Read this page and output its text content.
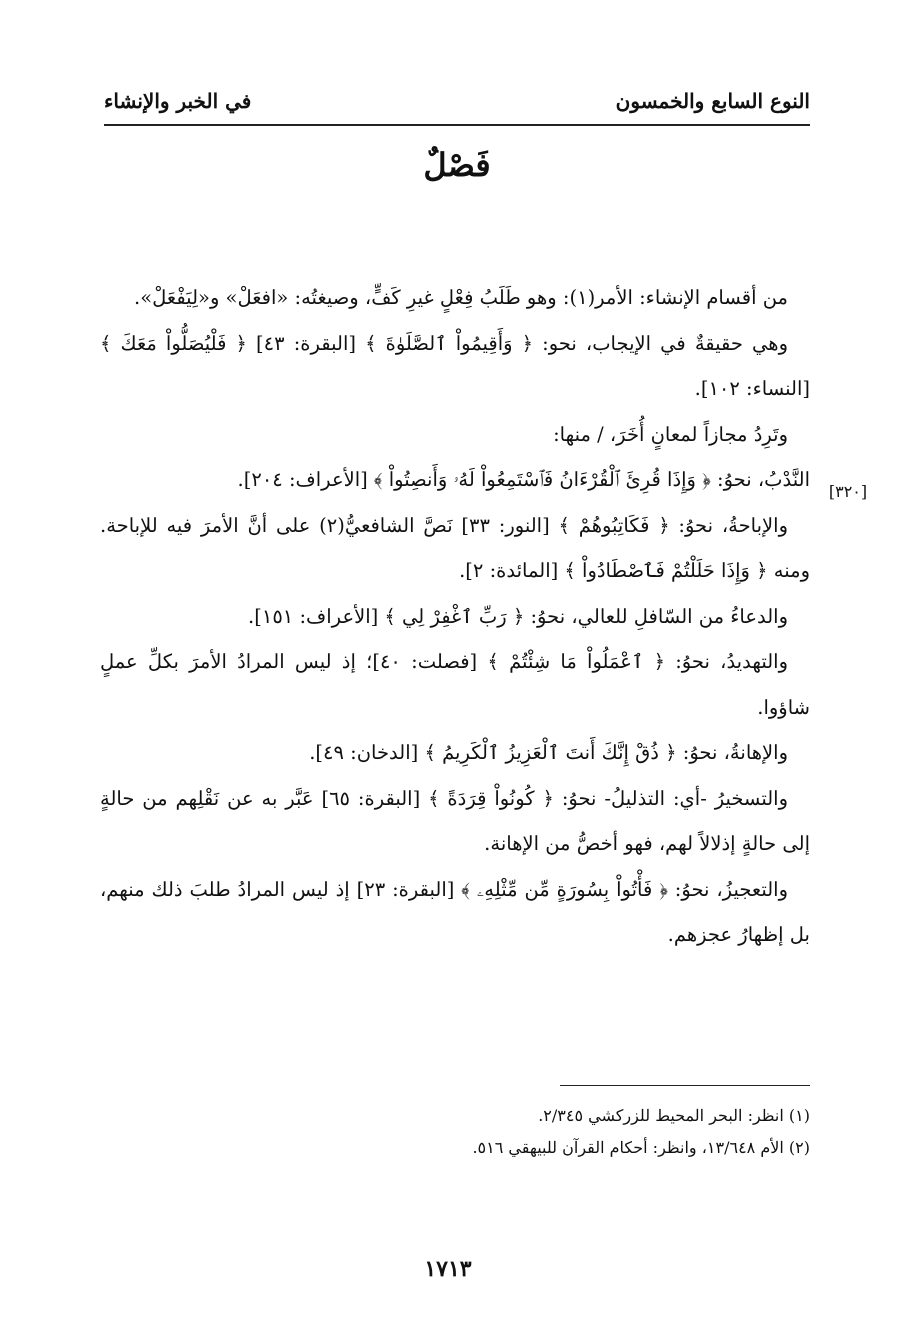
النوع السابع والخمسون
في الخبر والإنشاء
فَصْلٌ
[٣٢٠]

من أقسام الإنشاء: الأمر(١): وهو طَلَبُ فِعْلٍ غيرِ كَفٍّ، وصيغتُه: «افعَلْ» و«لِيَفْعَلْ».

وهي حقيقةٌ في الإيجاب، نحو: ﴿ وَأَقِيمُواْ ٱلصَّلَوٰةَ ﴾ [البقرة: ٤٣] ﴿ فَلْيُصَلُّواْ مَعَكَ ﴾ [النساء: ١٠٢].

وتَرِدُ مجازاً لمعانٍ أُخَرَ، / منها:

النَّدْبُ، نحوُ: ﴿ وَإِذَا قُرِئَ ٱلْقُرْءَانُ فَٱسْتَمِعُواْ لَهُۥ وَأَنصِتُواْ ﴾ [الأعراف: ٢٠٤].

والإباحةُ، نحوُ: ﴿ فَكَاتِبُوهُمْ ﴾ [النور: ٣٣] نَصَّ الشافعيُّ(٢) على أنَّ الأمرَ فيه للإباحة. ومنه ﴿ وَإِذَا حَلَلْتُمْ فَٱصْطَادُواْ ﴾ [المائدة: ٢].

والدعاءُ من السّافلِ للعالي، نحوُ: ﴿ رَبِّ ٱغْفِرْ لِي ﴾ [الأعراف: ١٥١].

والتهديدُ، نحوُ: ﴿ ٱعْمَلُواْ مَا شِئْتُمْ ﴾ [فصلت: ٤٠]؛ إذ ليس المرادُ الأمرَ بكلِّ عملٍ شاؤوا.

والإهانةُ، نحوُ: ﴿ ذُقْ إِنَّكَ أَنتَ ٱلْعَزِيزُ ٱلْكَرِيمُ ﴾ [الدخان: ٤٩].

والتسخيرُ -أي: التذليلُ- نحوُ: ﴿ كُونُواْ قِرَدَةً ﴾ [البقرة: ٦٥] عَبَّر به عن نَقْلِهم من حالةٍ إلى حالةٍ إذلالاً لهم، فهو أخصُّ من الإهانة.

والتعجيزُ، نحوُ: ﴿ فَأْتُواْ بِسُورَةٍ مِّن مِّثْلِهِۦ ﴾ [البقرة: ٢٣] إذ ليس المرادُ طلبَ ذلك منهم، بل إظهارُ عجزهم.

(١) انظر: البحر المحيط للزركشي ٢/٣٤٥.

(٢) الأم ١٣/٦٤٨، وانظر: أحكام القرآن للبيهقي ٥١٦.

١٧١٣
